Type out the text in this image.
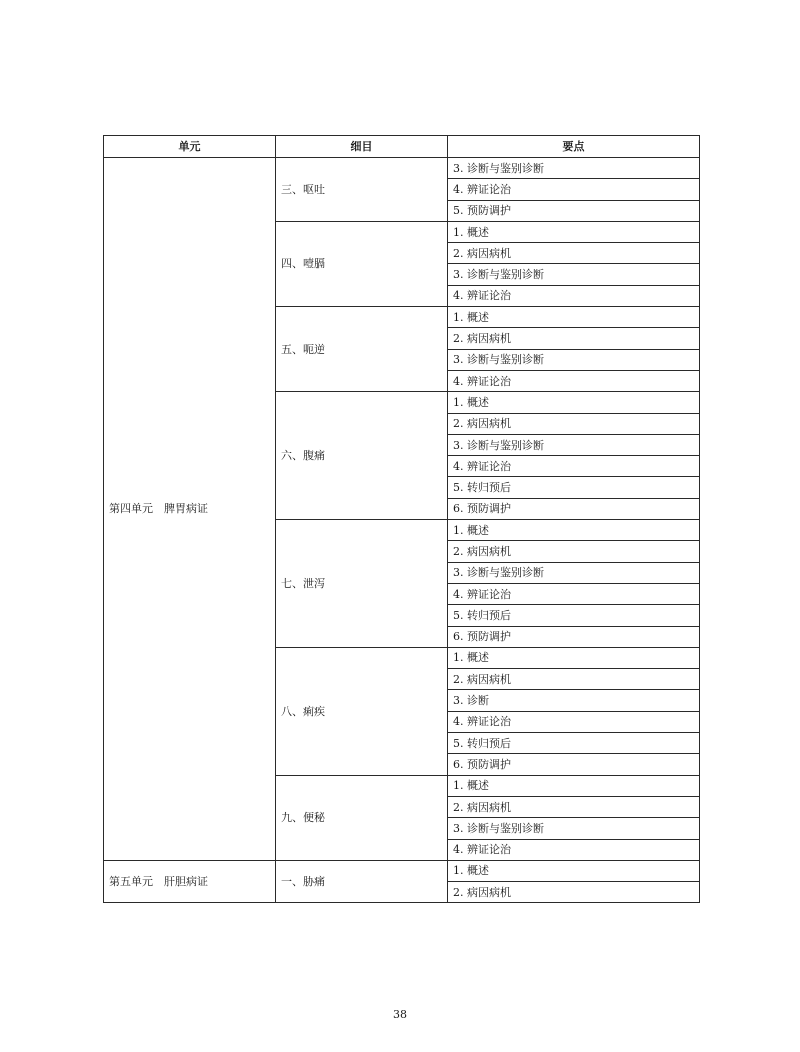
单元	细目	要点
第四单元　脾胃病证	三、呕吐	3. 诊断与鉴别诊断
		4. 辨证论治
		5. 预防调护
	四、噎膈	1. 概述
		2. 病因病机
		3. 诊断与鉴别诊断
		4. 辨证论治
	五、呃逆	1. 概述
		2. 病因病机
		3. 诊断与鉴别诊断
		4. 辨证论治
	六、腹痛	1. 概述
		2. 病因病机
		3. 诊断与鉴别诊断
		4. 辨证论治
		5. 转归预后
		6. 预防调护
	七、泄泻	1. 概述
		2. 病因病机
		3. 诊断与鉴别诊断
		4. 辨证论治
		5. 转归预后
		6. 预防调护
	八、痢疾	1. 概述
		2. 病因病机
		3. 诊断
		4. 辨证论治
		5. 转归预后
		6. 预防调护
	九、便秘	1. 概述
		2. 病因病机
		3. 诊断与鉴别诊断
		4. 辨证论治
第五单元　肝胆病证	一、胁痛	1. 概述
		2. 病因病机
38
